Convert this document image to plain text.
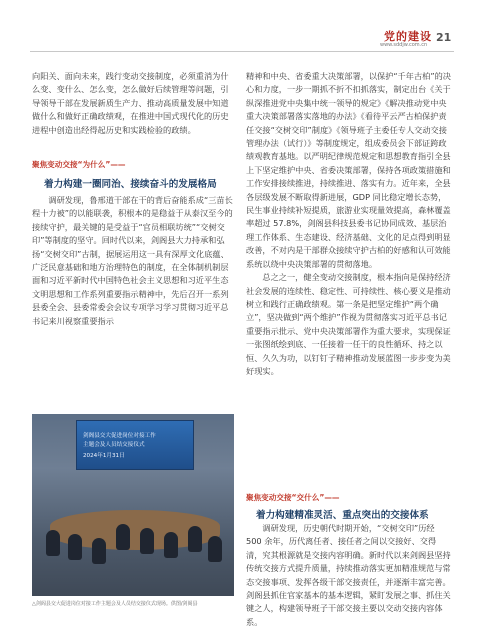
党的建设
www.sddjw.com.cn
21

向阳关、面向未来，践行变动交接制度，必须重消为什么变、变什么、怎么变，怎么做好后续管理等问题，引导领导干部在发展新质生产力、推动高质量发展中知道做什么和做好正确政绩观，在推进中国式现代化的历史进程中创造出经得起历史和实践检验的政绩。

聚焦变动交接“为什么”——
着力构建一圈同治、接续奋斗的发展格局

调研发现，鲁邢道干部在干的背后奋能系成“三苗长程十力被”的以能联袭，积根本的是稳益于从泰汉至今的接续守护，最关键的是受益于“官员相联坊统”“交树交印”等制度的坚守。回时代以来，剑阁县大力持承和弘扬“交树交印”古制，据展运用这一具有深厚文化底蕴、广泛民意基础和地方治理特色的制度，在全体制机制层面和习近平新时代中国特色社会主义思想和习近平生态文明思想和工作系列重要指示精神中，先后召开一系列县委全会、县委常委会会议专项学习学习贯彻习近平总书记来川视察重要指示

剑阁县交大促进岗位对接工作
主题会及人员结交接仪式
2024年1月31日
△剑阁县交大促进岗位对接工作主题会及人员结交接仪式现场。供图/剑阁县

精神和中央、省委重大决策部署，以保护“千年古柏”的决心和力度，一步一期抓不折不扣抓落实，制定出台《关于纵深推进党中央集中统一领导的规定》《解决推动党中央重大决策部署落实落地的办法》《看待平云严古柏保护责任交接“交树交印”制度》《领导班子主委任专人交动交接管理办法（试行）》等制度规定，组成委员会下部证跨政绩观教育基地。以严明纪律规范规定和思想教育指引全县上下坚定维护中央、省委决策部署，保持各项政策措施和工作安排接续推进，持续推进、落实有力。近年来，全县各层级发展不断取得新进展，GDP 同比稳定增长态势，民生事业持续补短提质，旅游业实现量效提高，森林覆盖率超过 57.8%，剑阁县科技县委书记协同成效、基层治理工作体系、生态建设、经济基础、文化的足点得到明显改善，不对内是干部群众接续守护古柏的好感和认可效能系统以绕中央决策部署的贯彻落地。

总之之一，健全变动交接制度，根本指向是保持经济社会发展的连续性、稳定性、可持续性、核心要义是推动树立和践行正确政绩观。第一条是把坚定维护“两个确立”，坚决做到“两个维护”作视为贯彻落实习近平总书记重要指示批示、党中央决策部署作为重大要求，实现保证一张图纸绘到底、一任接着一任干的良性循环、持之以恒、久久为功，以钉钉子精神推动发展蓝图一步步变为美好现实。

聚焦变动交接“交什么”——
着力构建精准灵活、重点突出的交接体系

调研发现，历史朝代时期开始，“交树交印”历经 500 余年，历代离任者、接任者之间以交接好、交得清，究其根源就是交接内容明确。新时代以来剑阁县坚持传统交接方式提升质量，持续推动落实更加精准规范与常态交接事项、发挥各级干部交接责任，并逐渐丰富完善。剑阁县抓住官家基本的基本逻辑，紧盯发展之事、抓住关键之人，构建领导班子干部交接主要以交动交接内容体系。
